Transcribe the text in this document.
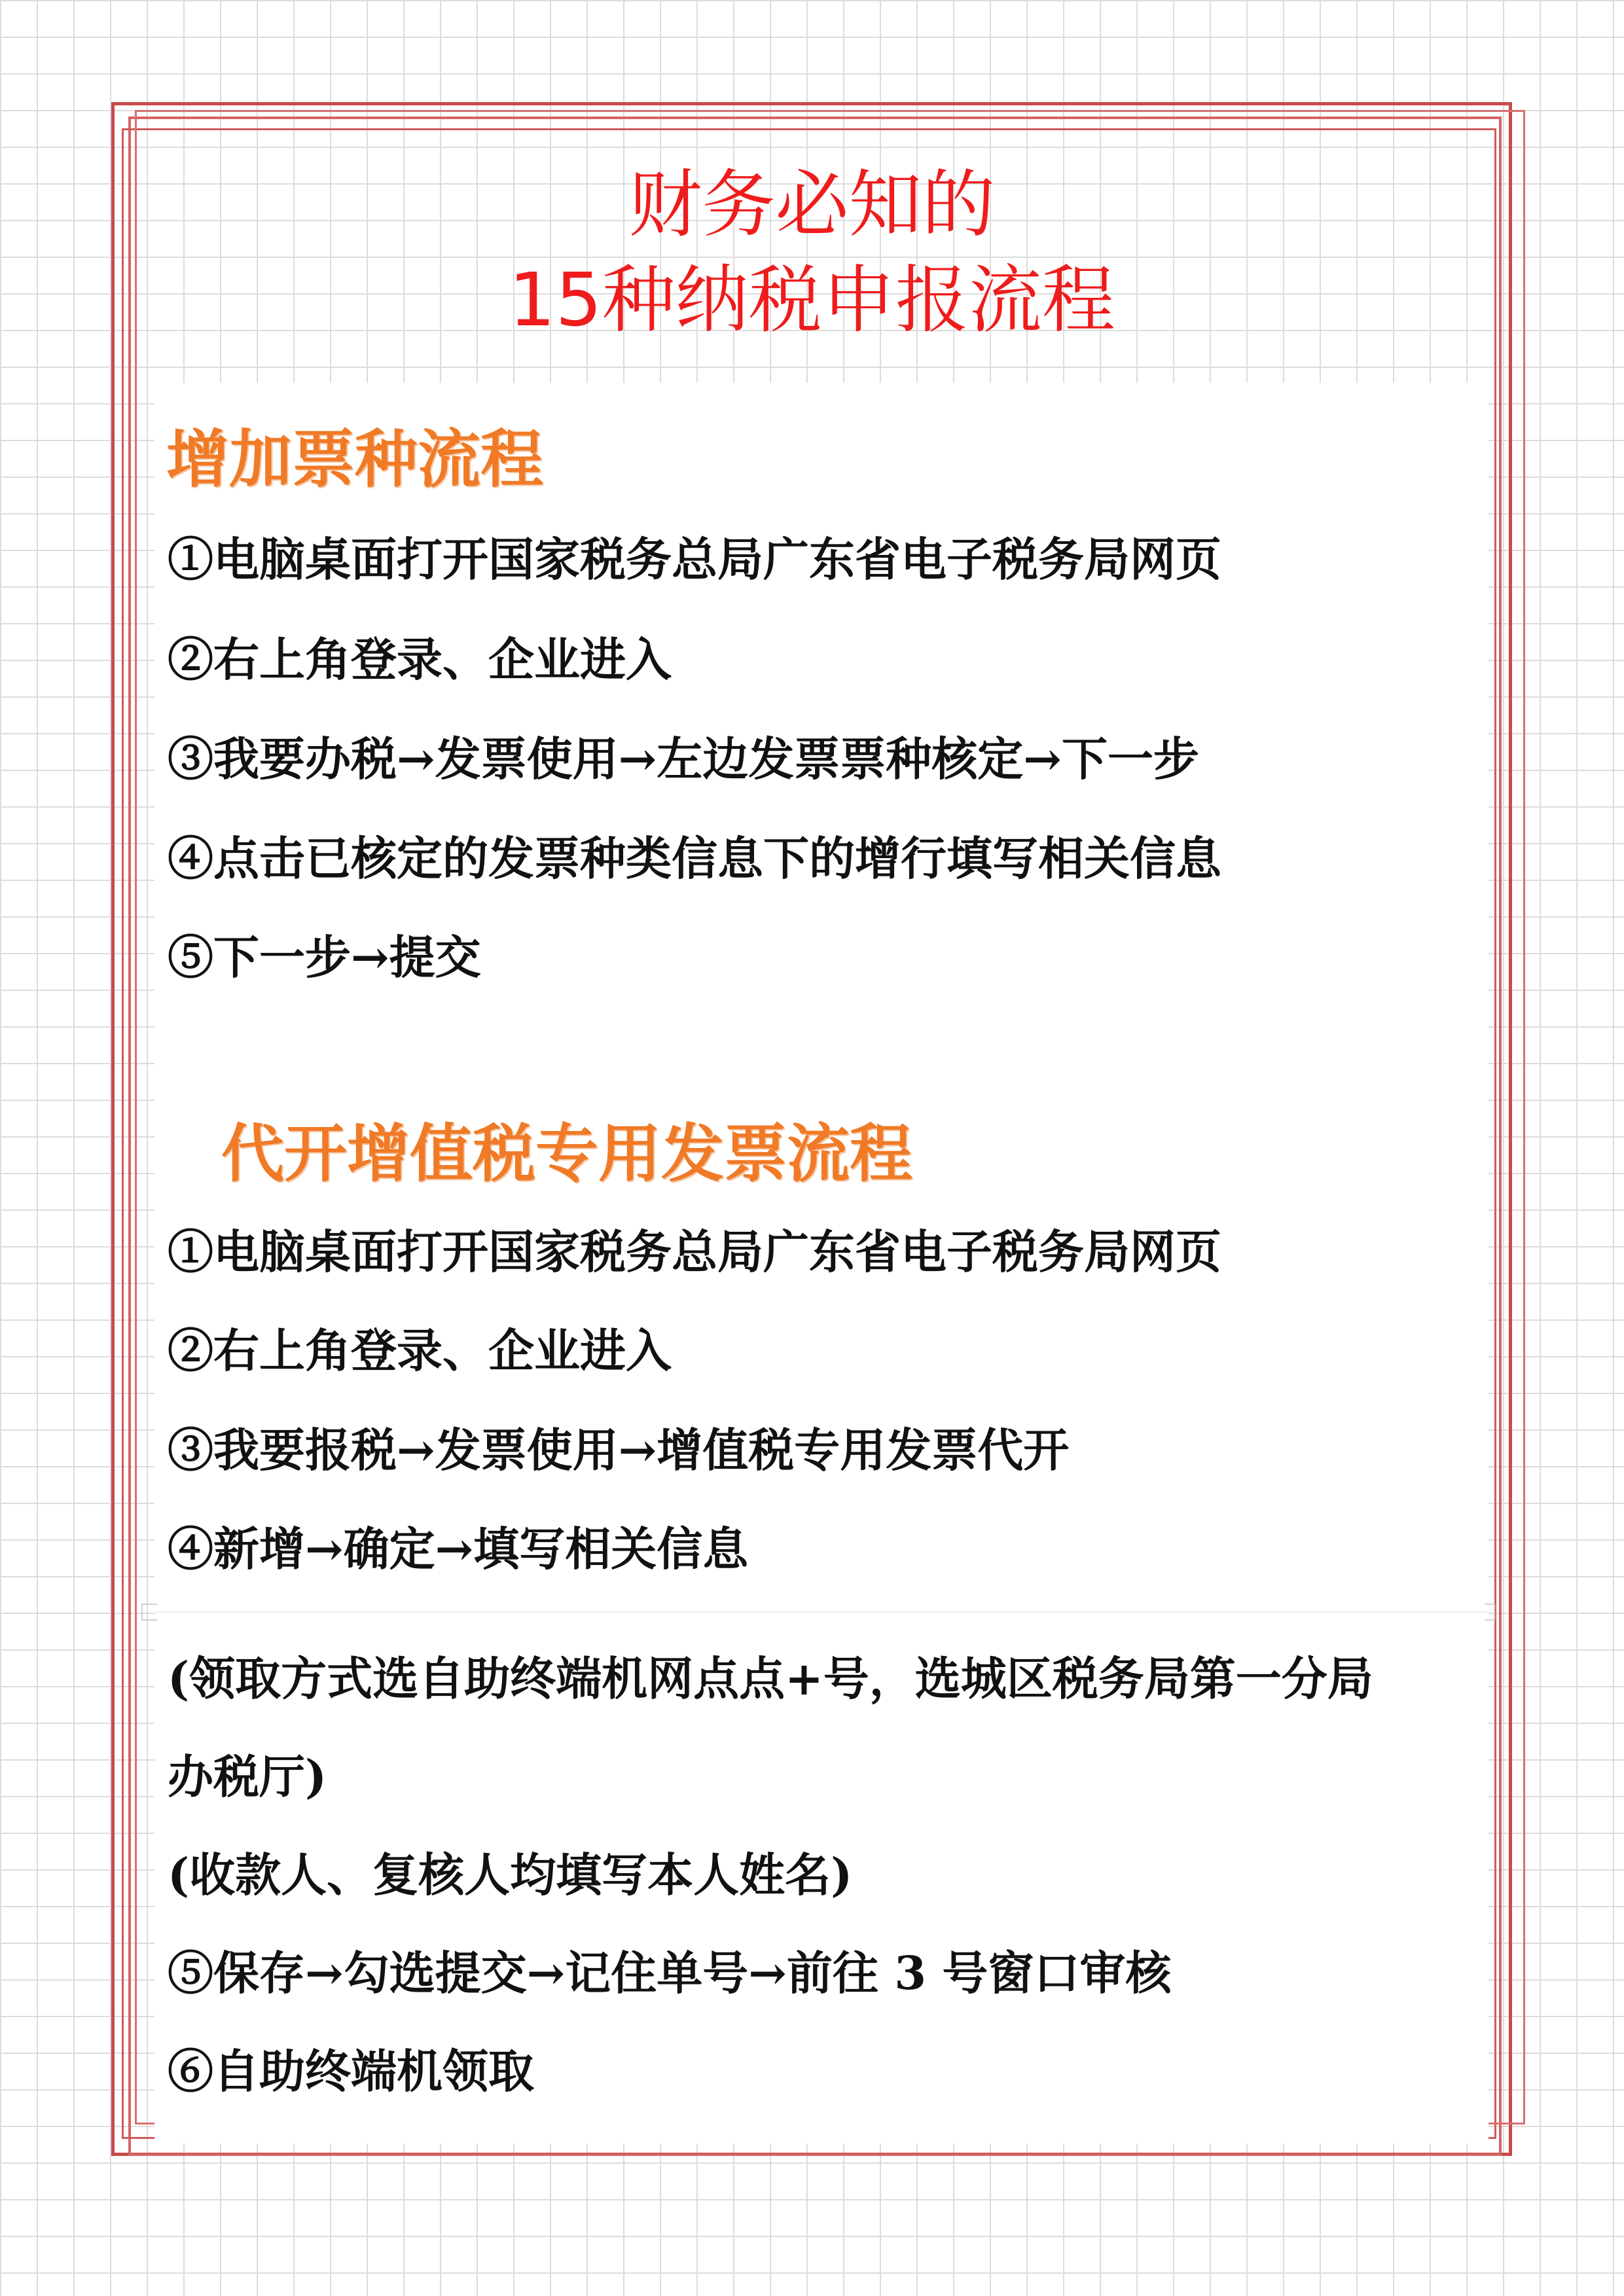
财务必知的
15种纳税申报流程
增加票种流程

①电脑桌面打开国家税务总局广东省电子税务局网页

②右上角登录、企业进入

③我要办税→发票使用→左边发票票种核定→下一步

④点击已核定的发票种类信息下的增行填写相关信息

⑤下一步→提交

代开增值税专用发票流程

①电脑桌面打开国家税务总局广东省电子税务局网页

②右上角登录、企业进入

③我要报税→发票使用→增值税专用发票代开

④新增→确定→填写相关信息

(领取方式选自助终端机网点点+号，选城区税务局第一分局

办税厅)

(收款人、复核人均填写本人姓名)

⑤保存→勾选提交→记住单号→前往 3 号窗口审核

⑥自助终端机领取
